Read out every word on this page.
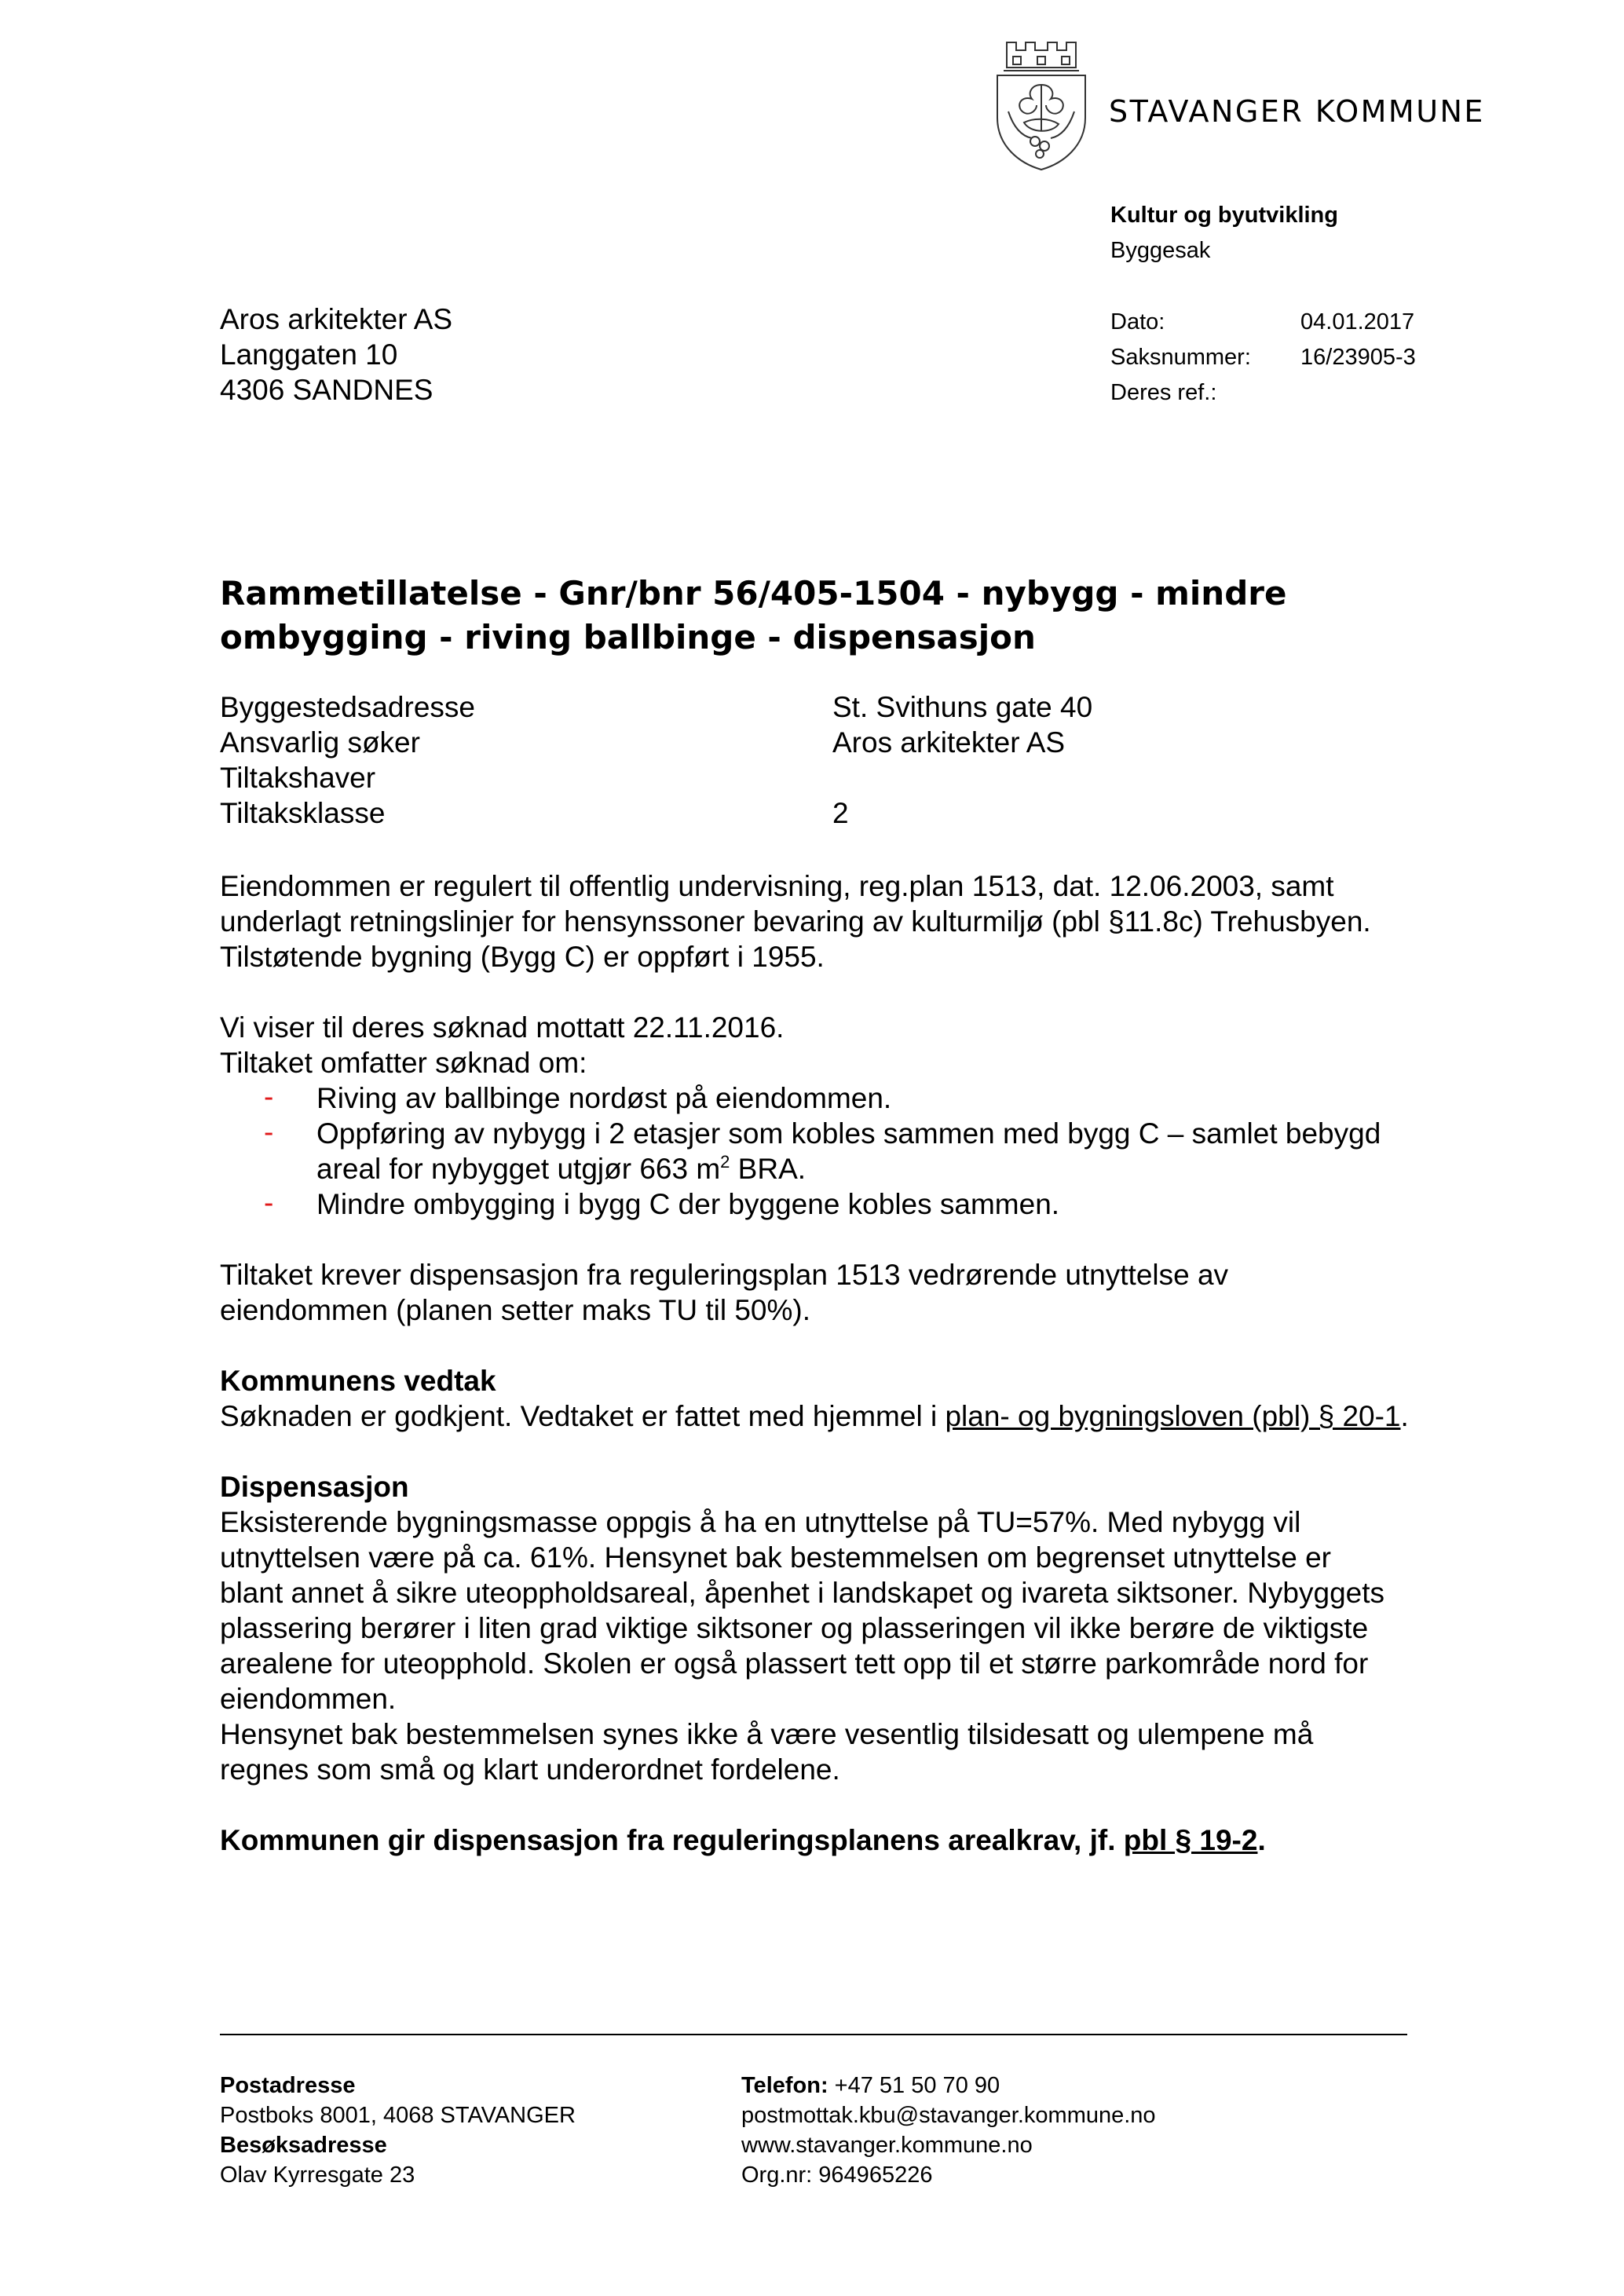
STAVANGER KOMMUNE
Kultur og byutvikling
Byggesak
Aros arkitekter AS
Langgaten 10
4306 SANDNES
Dato:	04.01.2017
Saksnummer: 16/23905-3
Deres ref.:
Rammetillatelse - Gnr/bnr 56/405-1504 - nybygg - mindre
ombygging - riving ballbinge - dispensasjon
Byggestedsadresse	St. Svithuns gate 40
Ansvarlig søker	Aros arkitekter AS
Tiltakshaver
Tiltaksklasse	2
Eiendommen er regulert til offentlig undervisning, reg.plan 1513, dat. 12.06.2003, samt
underlagt retningslinjer for hensynssoner bevaring av kulturmiljø (pbl §11.8c) Trehusbyen.
Tilstøtende bygning (Bygg C) er oppført i 1955.
Vi viser til deres søknad mottatt 22.11.2016.
Tiltaket omfatter søknad om:
- Riving av ballbinge nordøst på eiendommen.
- Oppføring av nybygg i 2 etasjer som kobles sammen med bygg C – samlet bebygd
areal for nybygget utgjør 663 $m^2$ BRA.
- Mindre ombygging i bygg C der byggene kobles sammen.
Tiltaket krever dispensasjon fra reguleringsplan 1513 vedrørende utnyttelse av
eiendommen (planen setter maks TU til 50%).
Kommunens vedtak
Søknaden er godkjent. Vedtaket er fattet med hjemmel i plan- og bygningsloven (pbl) § 20-1.
Dispensasjon
Eksisterende bygningsmasse oppgis å ha en utnyttelse på TU=57%. Med nybygg vil
utnyttelsen være på ca. 61%. Hensynet bak bestemmelsen om begrenset utnyttelse er
blant annet å sikre uteoppholdsareal, åpenhet i landskapet og ivareta siktsoner. Nybyggets
plassering berører i liten grad viktige siktsoner og plasseringen vil ikke berøre de viktigste
arealene for uteopphold. Skolen er også plassert tett opp til et større parkområde nord for
eiendommen.
Hensynet bak bestemmelsen synes ikke å være vesentlig tilsidesatt og ulempene må
regnes som små og klart underordnet fordelene.
Kommunen gir dispensasjon fra reguleringsplanens arealkrav, jf. pbl § 19-2.
Postadresse
Postboks 8001, 4068 STAVANGER
Besøksadresse
Olav Kyrresgate 23
Telefon: +47 51 50 70 90
postmottak.kbu@stavanger.kommune.no
www.stavanger.kommune.no
Org.nr: 964965226
